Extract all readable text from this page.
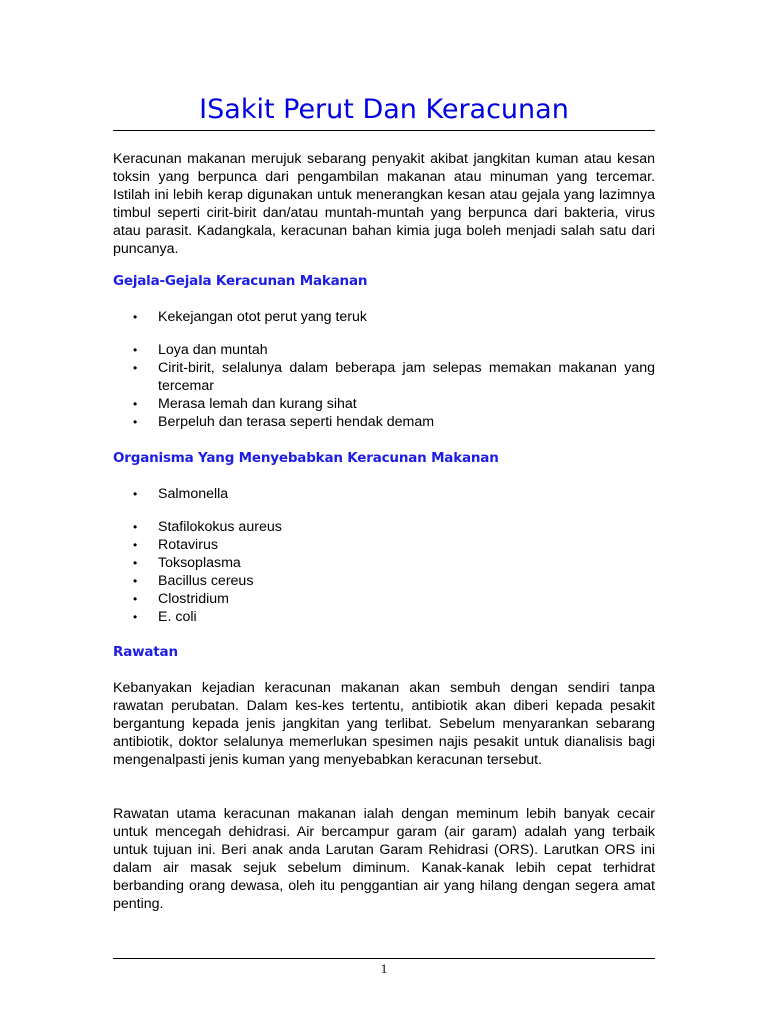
ISakit Perut Dan Keracunan

Keracunan makanan merujuk sebarang penyakit akibat jangkitan kuman atau kesan toksin yang berpunca dari pengambilan makanan atau minuman yang tercemar. Istilah ini lebih kerap digunakan untuk menerangkan kesan atau gejala yang lazimnya timbul seperti cirit-birit dan/atau muntah-muntah yang berpunca dari bakteria, virus atau parasit. Kadangkala, keracunan bahan kimia juga boleh menjadi salah satu dari puncanya.

Gejala-Gejala Keracunan Makanan
• Kekejangan otot perut yang teruk
• Loya dan muntah
• Cirit-birit, selalunya dalam beberapa jam selepas memakan makanan yang tercemar
• Merasa lemah dan kurang sihat
• Berpeluh dan terasa seperti hendak demam
Organisma Yang Menyebabkan Keracunan Makanan
• Salmonella
• Stafilokokus aureus
• Rotavirus
• Toksoplasma
• Bacillus cereus
• Clostridium
• E. coli
Rawatan

Kebanyakan kejadian keracunan makanan akan sembuh dengan sendiri tanpa rawatan perubatan. Dalam kes-kes tertentu, antibiotik akan diberi kepada pesakit bergantung kepada jenis jangkitan yang terlibat. Sebelum menyarankan sebarang antibiotik, doktor selalunya memerlukan spesimen najis pesakit untuk dianalisis bagi mengenalpasti jenis kuman yang menyebabkan keracunan tersebut.

Rawatan utama keracunan makanan ialah dengan meminum lebih banyak cecair untuk mencegah dehidrasi. Air bercampur garam (air garam) adalah yang terbaik untuk tujuan ini. Beri anak anda Larutan Garam Rehidrasi (ORS). Larutkan ORS ini dalam air masak sejuk sebelum diminum. Kanak-kanak lebih cepat terhidrat berbanding orang dewasa, oleh itu penggantian air yang hilang dengan segera amat penting.

1
